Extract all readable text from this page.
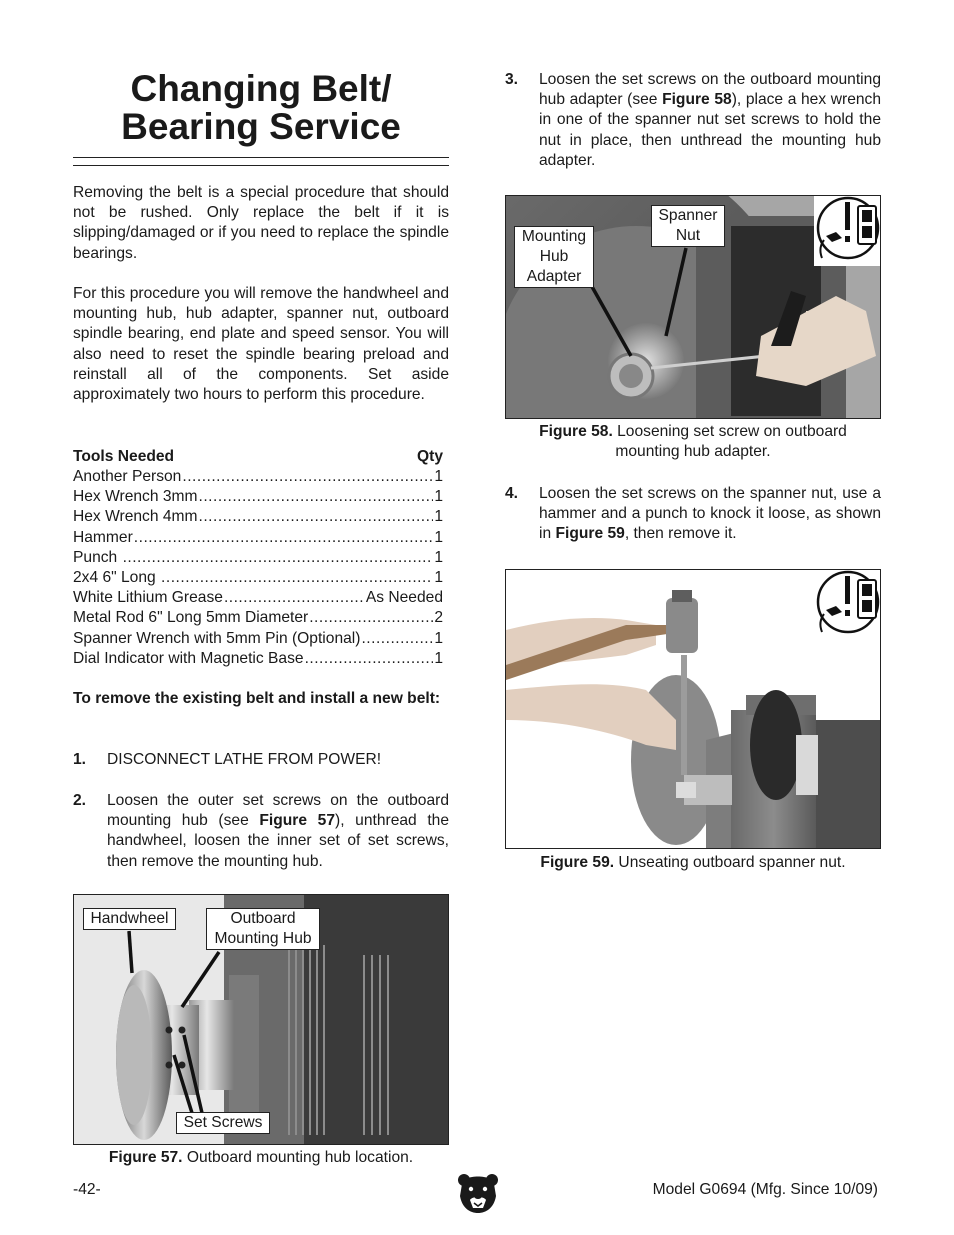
Changing Belt/
Bearing Service
Removing the belt is a special procedure that should not be rushed. Only replace the belt if it is slipping/damaged or if you need to replace the spindle bearings.
For this procedure you will remove the handwheel and mounting hub, hub adapter, spanner nut, outboard spindle bearing, end plate and speed sensor. You will also need to reset the spindle bearing preload and reinstall all of the components. Set aside approximately two hours to perform this procedure.
Tools Needed	Qty
Another Person .....	1
Hex Wrench 3mm .....	1
Hex Wrench 4mm .....	1
Hammer .....	1
Punch .....	1
2x4 6" Long .....	1
White Lithium Grease .....	As Needed
Metal Rod 6" Long 5mm Diameter .....	2
Spanner Wrench with 5mm Pin (Optional) .....	1
Dial Indicator with Magnetic Base .....	1
To remove the existing belt and install a new belt:
1. DISCONNECT LATHE FROM POWER!
2. Loosen the outer set screws on the outboard mounting hub (see Figure 57), unthread the handwheel, loosen the inner set of set screws, then remove the mounting hub.
Handwheel	Outboard
Mounting Hub
Set Screws
Figure 57. Outboard mounting hub location.
3. Loosen the set screws on the outboard mounting hub adapter (see Figure 58), place a hex wrench in one of the spanner nut set screws to hold the nut in place, then unthread the mounting hub adapter.
Mounting
Hub
Adapter
Spanner
Nut
Figure 58. Loosening set screw on outboard
mounting hub adapter.
4. Loosen the set screws on the spanner nut, use a hammer and a punch to knock it loose, as shown in Figure 59, then remove it.
Figure 59. Unseating outboard spanner nut.
-42-	Model G0694 (Mfg. Since 10/09)
